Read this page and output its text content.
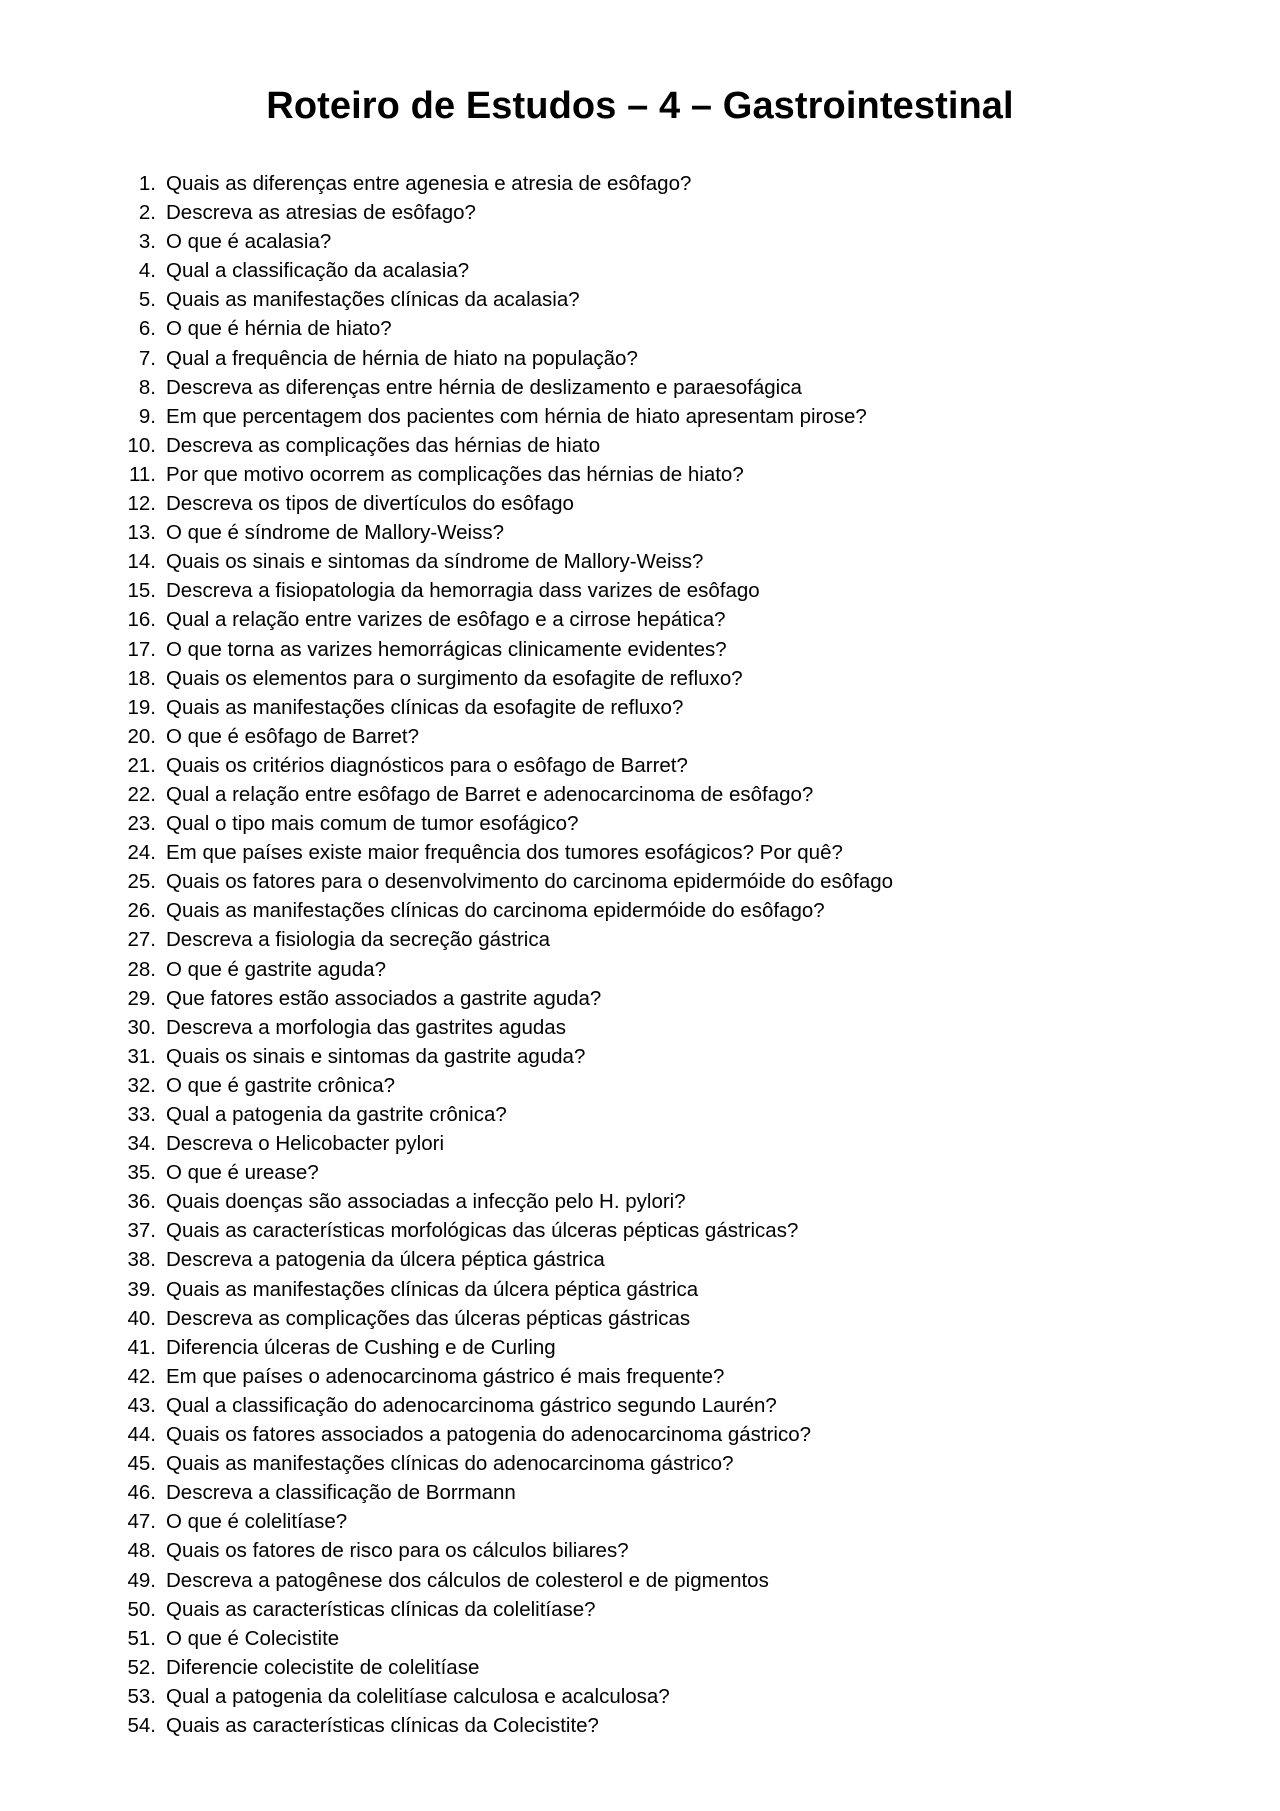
Roteiro de Estudos – 4 – Gastrointestinal
1. Quais as diferenças entre agenesia e atresia de esôfago?
2. Descreva as atresias de esôfago?
3. O que é acalasia?
4. Qual a classificação da acalasia?
5. Quais as manifestações clínicas da acalasia?
6. O que é hérnia de hiato?
7. Qual a frequência de hérnia de hiato na população?
8. Descreva as diferenças entre hérnia de deslizamento e paraesofágica
9. Em que percentagem dos pacientes com hérnia de hiato apresentam pirose?
10. Descreva as complicações das hérnias de hiato
11. Por que motivo ocorrem as complicações das hérnias de hiato?
12. Descreva os tipos de divertículos do esôfago
13. O que é síndrome de Mallory-Weiss?
14. Quais os sinais e sintomas da síndrome de Mallory-Weiss?
15. Descreva a fisiopatologia da hemorragia dass varizes de esôfago
16. Qual a relação entre varizes de esôfago e a cirrose hepática?
17. O que torna as varizes hemorrágicas clinicamente evidentes?
18. Quais os elementos para o surgimento da esofagite de refluxo?
19. Quais as manifestações clínicas da esofagite de refluxo?
20. O que é esôfago de Barret?
21. Quais os critérios diagnósticos para o esôfago de Barret?
22. Qual a relação entre esôfago de Barret e adenocarcinoma de esôfago?
23. Qual o tipo mais comum de tumor esofágico?
24. Em que países existe maior frequência dos tumores esofágicos? Por quê?
25. Quais os fatores para o desenvolvimento do carcinoma epidermóide do esôfago
26. Quais as manifestações clínicas do carcinoma epidermóide do esôfago?
27. Descreva a fisiologia da secreção gástrica
28. O que é gastrite aguda?
29. Que fatores estão associados a gastrite aguda?
30. Descreva a morfologia das gastrites agudas
31. Quais os sinais e sintomas da gastrite aguda?
32. O que é gastrite crônica?
33. Qual a patogenia da gastrite crônica?
34. Descreva o Helicobacter pylori
35. O que é urease?
36. Quais doenças são associadas a infecção pelo H. pylori?
37. Quais as características morfológicas das úlceras pépticas gástricas?
38. Descreva a patogenia da úlcera péptica gástrica
39. Quais as manifestações clínicas da úlcera péptica gástrica
40. Descreva as complicações das úlceras pépticas gástricas
41. Diferencia úlceras de Cushing e de Curling
42. Em que países o adenocarcinoma gástrico é mais frequente?
43. Qual a classificação do adenocarcinoma gástrico segundo Laurén?
44. Quais os fatores associados a patogenia do adenocarcinoma gástrico?
45. Quais as manifestações clínicas do adenocarcinoma gástrico?
46. Descreva a classificação de Borrmann
47. O que é colelitíase?
48. Quais os fatores de risco para os cálculos biliares?
49. Descreva a patogênese dos cálculos de colesterol e de pigmentos
50. Quais as características clínicas da colelitíase?
51. O que é Colecistite
52. Diferencie colecistite de colelitíase
53. Qual a patogenia da colelitíase calculosa e acalculosa?
54. Quais as características clínicas da Colecistite?
